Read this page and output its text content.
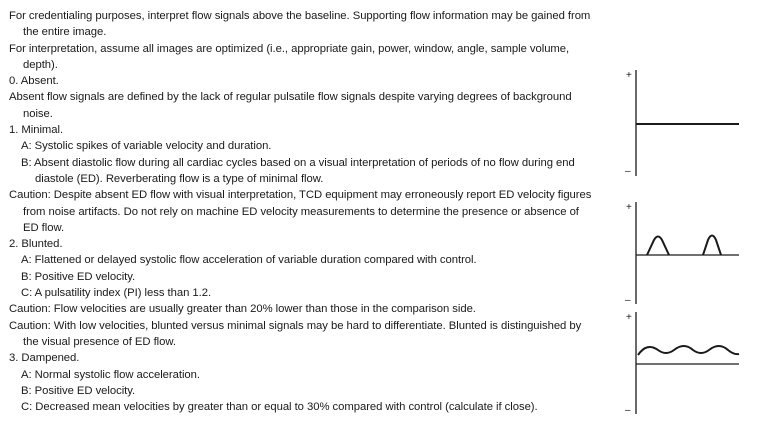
For credentialing purposes, interpret flow signals above the baseline. Supporting flow information may be gained from the entire image.
For interpretation, assume all images are optimized (i.e., appropriate gain, power, window, angle, sample volume, depth).
0. Absent.
Absent flow signals are defined by the lack of regular pulsatile flow signals despite varying degrees of background noise.
1. Minimal.
A: Systolic spikes of variable velocity and duration.
B: Absent diastolic flow during all cardiac cycles based on a visual interpretation of periods of no flow during end diastole (ED). Reverberating flow is a type of minimal flow.
Caution: Despite absent ED flow with visual interpretation, TCD equipment may erroneously report ED velocity figures from noise artifacts. Do not rely on machine ED velocity measurements to determine the presence or absence of ED flow.
2. Blunted.
A: Flattened or delayed systolic flow acceleration of variable duration compared with control.
B: Positive ED velocity.
C: A pulsatility index (PI) less than 1.2.
Caution: Flow velocities are usually greater than 20% lower than those in the comparison side.
Caution: With low velocities, blunted versus minimal signals may be hard to differentiate. Blunted is distinguished by the visual presence of ED flow.
3. Dampened.
A: Normal systolic flow acceleration.
B: Positive ED velocity.
C: Decreased mean velocities by greater than or equal to 30% compared with control (calculate if close).
+
–
+
–
+
–
